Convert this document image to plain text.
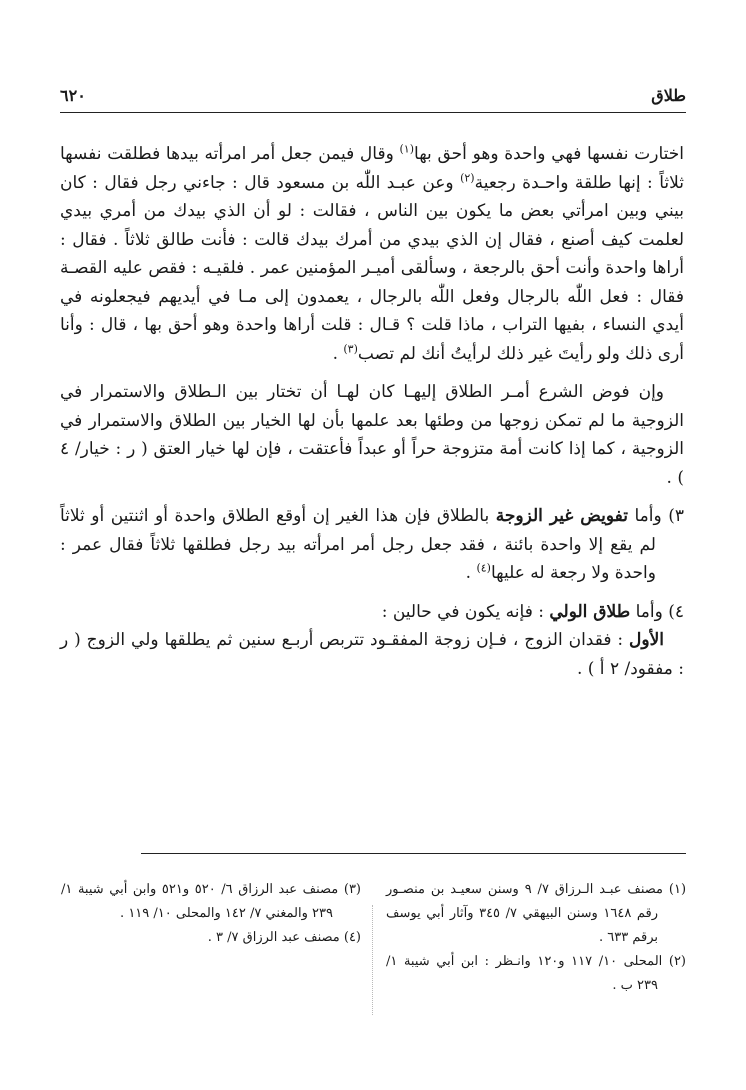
طلاق
٦٢٠

اختارت نفسها فهي واحدة وهو أحق بها$^{(١)}$ وقال فيمن جعل أمر امرأته بيدها فطلقت نفسها ثلاثاً : إنها طلقة واحـدة رجعية$^{(٢)}$ وعن عبـد اللّٰه بن مسعود قال : جاءني رجل فقال : كان بيني وبين امرأتي بعض ما يكون بين الناس ، فقالت : لو أن الذي بيدك من أمري بيدي لعلمت كيف أصنع ، فقال إن الذي بيدي من أمرك بيدك قالت : فأنت طالق ثلاثاً . فقال : أراها واحدة وأنت أحق بالرجعة ، وسألقى أميـر المؤمنين عمر . فلقيـه : فقص عليه القصـة فقال : فعل اللّٰه بالرجال وفعل اللّٰه بالرجال ، يعمدون إلى مـا في أيديهم فيجعلونه في أيدي النساء ، بفيها التراب ، ماذا قلت ؟ قـال : قلت أراها واحدة وهو أحق بها ، قال : وأنا أرى ذلك ولو رأيتَ غير ذلك لرأيتُ أنك لم تصب$^{(٣)}$ .

وإن فوض الشرع أمـر الطلاق إليهـا كان لهـا أن تختار بين الـطلاق والاستمرار في الزوجية ما لم تمكن زوجها من وطئها بعد علمها بأن لها الخيار بين الطلاق والاستمرار في الزوجية ، كما إذا كانت أمة متزوجة حراً أو عبداً فأعتقت ، فإن لها خيار العتق ( ر : خيار/ ٤ ) .

٣) وأما تفويض غير الزوجة بالطلاق فإن هذا الغير إن أوقع الطلاق واحدة أو اثنتين أو ثلاثاً لم يقع إلا واحدة بائنة ، فقد جعل رجل أمر امرأته بيد رجل فطلقها ثلاثاً فقال عمر : واحدة ولا رجعة له عليها$^{(٤)}$ .

٤) وأما طلاق الولي : فإنه يكون في حالين :

الأول : فقدان الزوج ، فـإن زوجة المفقـود تتربص أربـع سنين ثم يطلقها ولي الزوج ( ر : مفقود/ ٢ أ ) .

(١) مصنف عبـد الـرزاق ٧/ ٩ وسنن سعيـد بن منصـور رقم ١٦٤٨ وسنن البيهقي ٧/ ٣٤٥ وآثار أبي يوسف برقم ٦٣٣ .
(٢) المحلى ١٠/ ١١٧ و١٢٠ وانـظر : ابن أبي شيبة ١/ ٢٣٩ ب .
(٣) مصنف عبد الرزاق ٦/ ٥٢٠ و٥٢١ وابن أبي شيبة ١/ ٢٣٩ والمغني ٧/ ١٤٢ والمحلى ١٠/ ١١٩ .
(٤) مصنف عبد الرزاق ٧/ ٣ .
